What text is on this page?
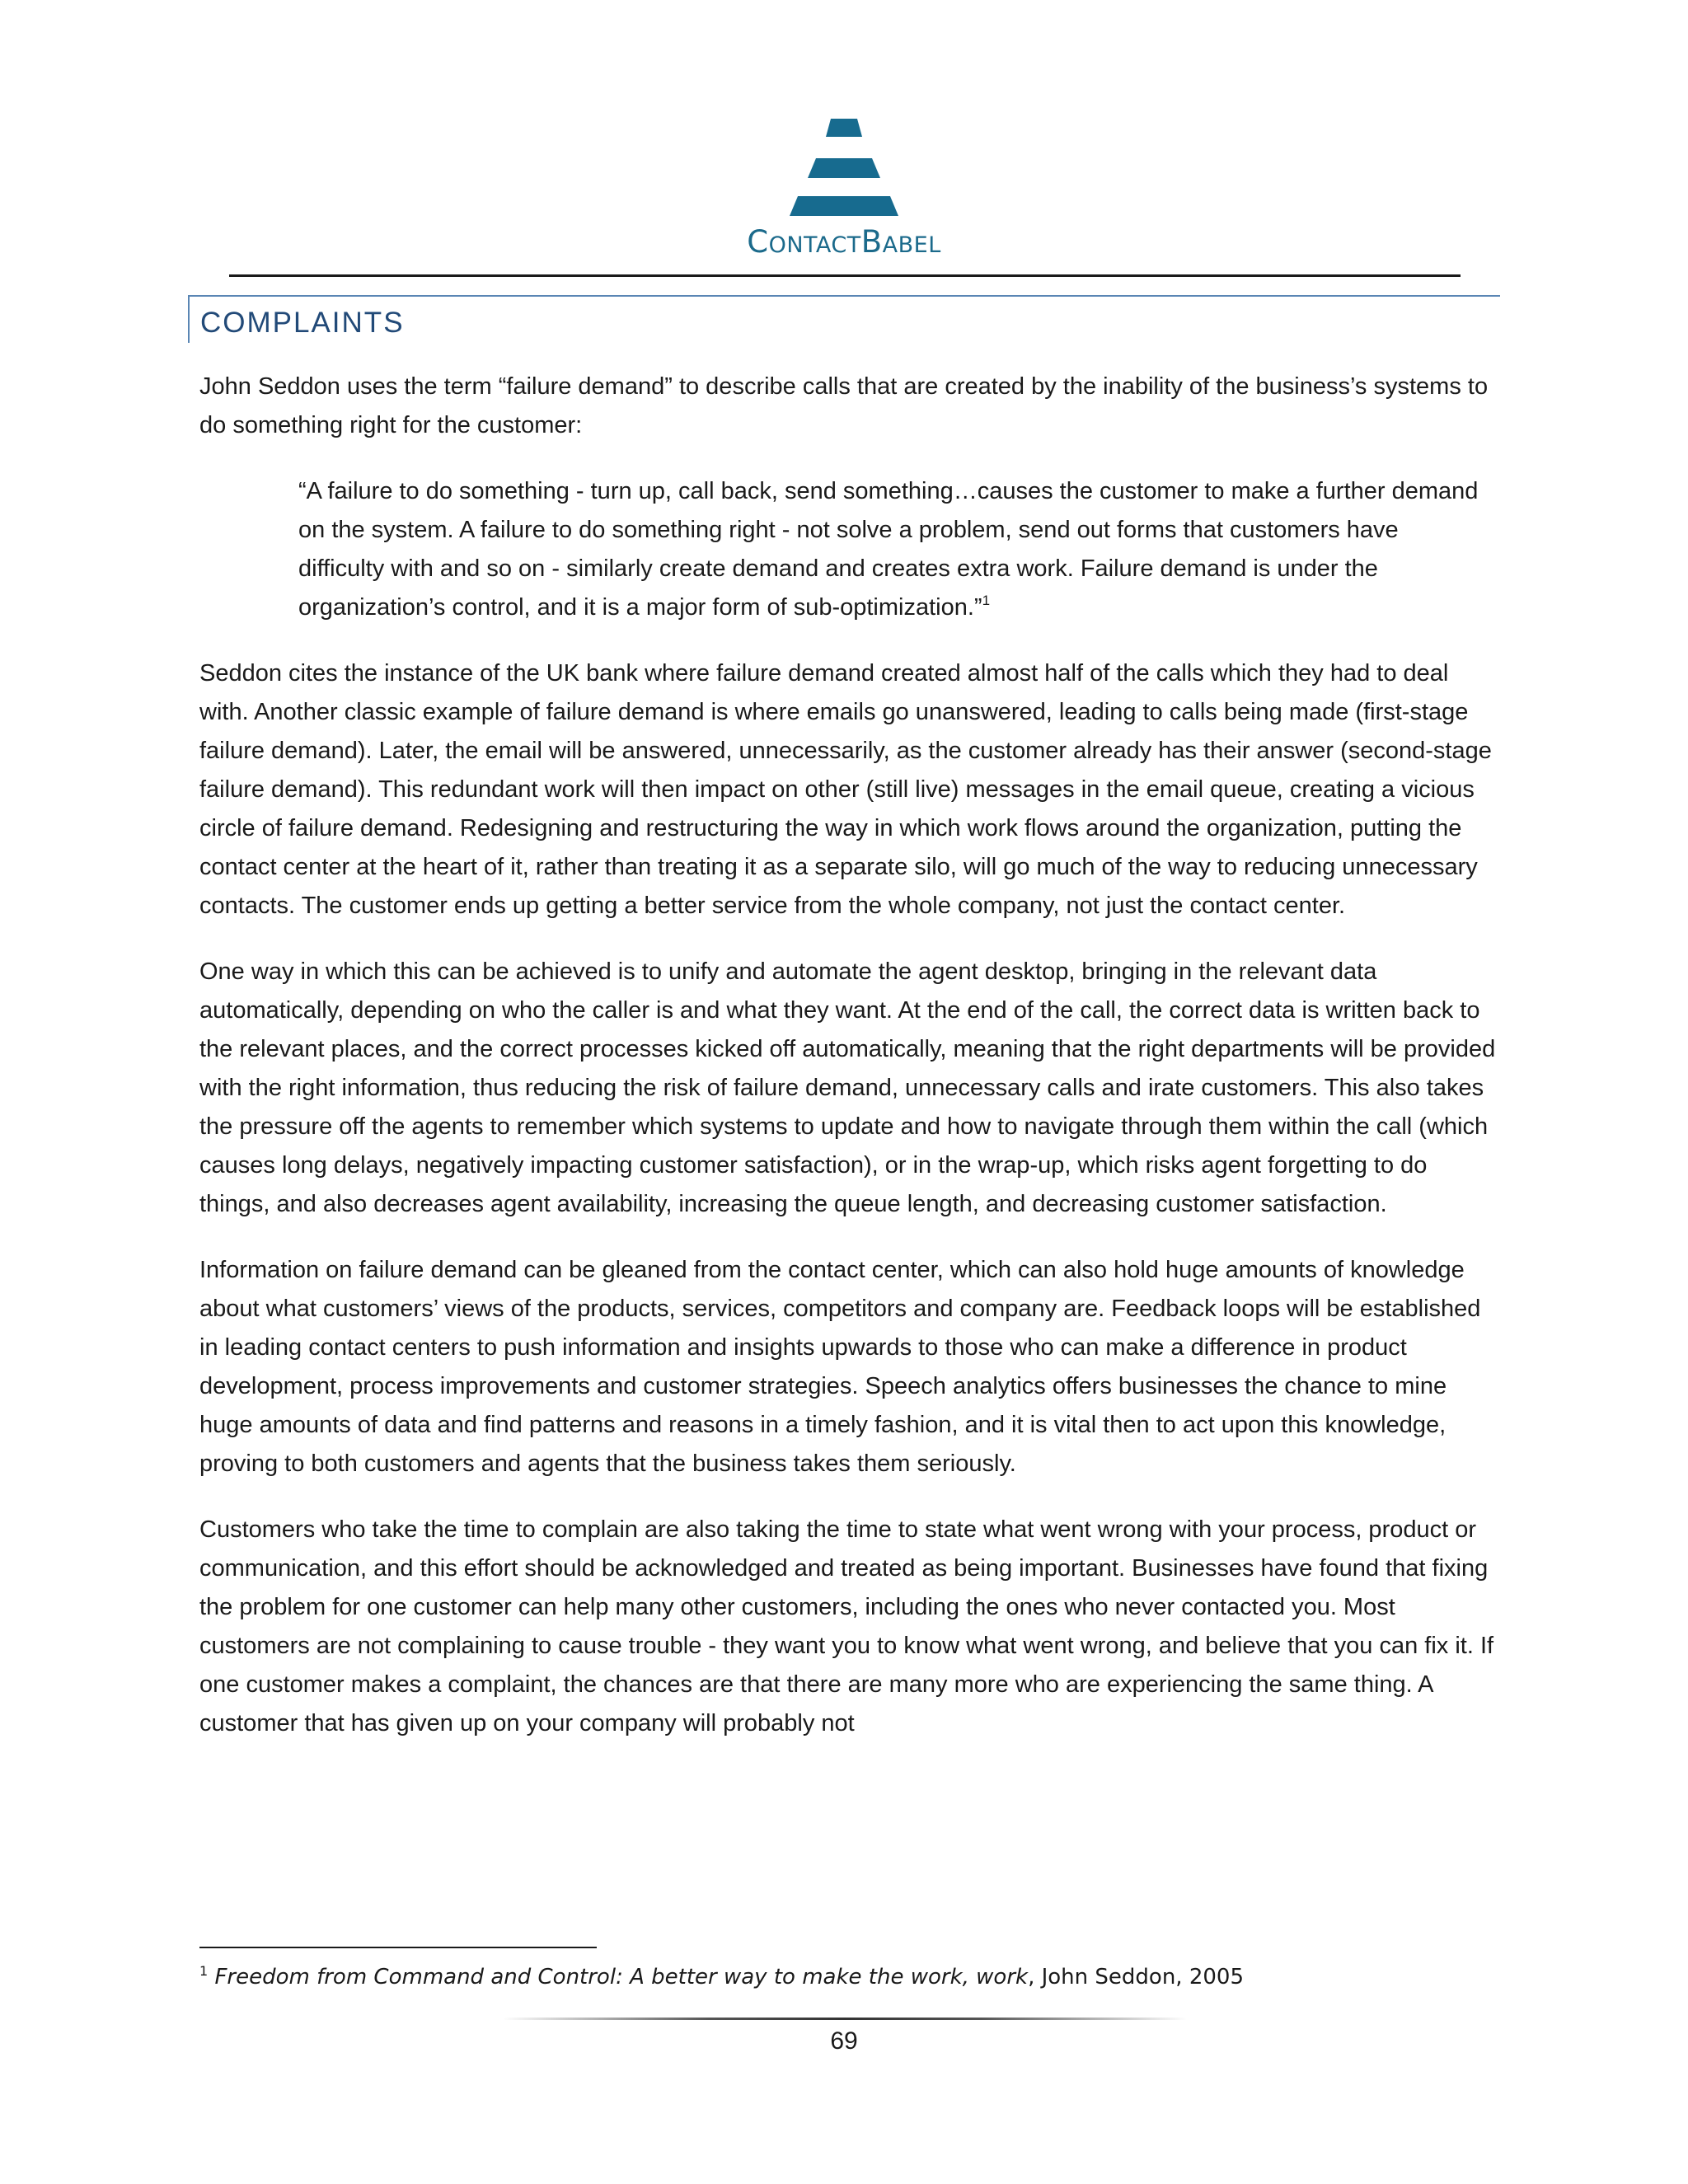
CONTACTBABEL
COMPLAINTS

John Seddon uses the term “failure demand” to describe calls that are created by the inability of the business’s systems to do something right for the customer:

“A failure to do something - turn up, call back, send something…causes the customer to make a further demand on the system. A failure to do something right - not solve a problem, send out forms that customers have difficulty with and so on - similarly create demand and creates extra work. Failure demand is under the organization’s control, and it is a major form of sub-optimization.”$^1$

Seddon cites the instance of the UK bank where failure demand created almost half of the calls which they had to deal with. Another classic example of failure demand is where emails go unanswered, leading to calls being made (first-stage failure demand). Later, the email will be answered, unnecessarily, as the customer already has their answer (second-stage failure demand). This redundant work will then impact on other (still live) messages in the email queue, creating a vicious circle of failure demand. Redesigning and restructuring the way in which work flows around the organization, putting the contact center at the heart of it, rather than treating it as a separate silo, will go much of the way to reducing unnecessary contacts. The customer ends up getting a better service from the whole company, not just the contact center.

One way in which this can be achieved is to unify and automate the agent desktop, bringing in the relevant data automatically, depending on who the caller is and what they want. At the end of the call, the correct data is written back to the relevant places, and the correct processes kicked off automatically, meaning that the right departments will be provided with the right information, thus reducing the risk of failure demand, unnecessary calls and irate customers. This also takes the pressure off the agents to remember which systems to update and how to navigate through them within the call (which causes long delays, negatively impacting customer satisfaction), or in the wrap-up, which risks agent forgetting to do things, and also decreases agent availability, increasing the queue length, and decreasing customer satisfaction.

Information on failure demand can be gleaned from the contact center, which can also hold huge amounts of knowledge about what customers’ views of the products, services, competitors and company are. Feedback loops will be established in leading contact centers to push information and insights upwards to those who can make a difference in product development, process improvements and customer strategies. Speech analytics offers businesses the chance to mine huge amounts of data and find patterns and reasons in a timely fashion, and it is vital then to act upon this knowledge, proving to both customers and agents that the business takes them seriously.

Customers who take the time to complain are also taking the time to state what went wrong with your process, product or communication, and this effort should be acknowledged and treated as being important. Businesses have found that fixing the problem for one customer can help many other customers, including the ones who never contacted you. Most customers are not complaining to cause trouble - they want you to know what went wrong, and believe that you can fix it. If one customer makes a complaint, the chances are that there are many more who are experiencing the same thing. A customer that has given up on your company will probably not

$^1$ Freedom from Command and Control: A better way to make the work, work, John Seddon, 2005
69
